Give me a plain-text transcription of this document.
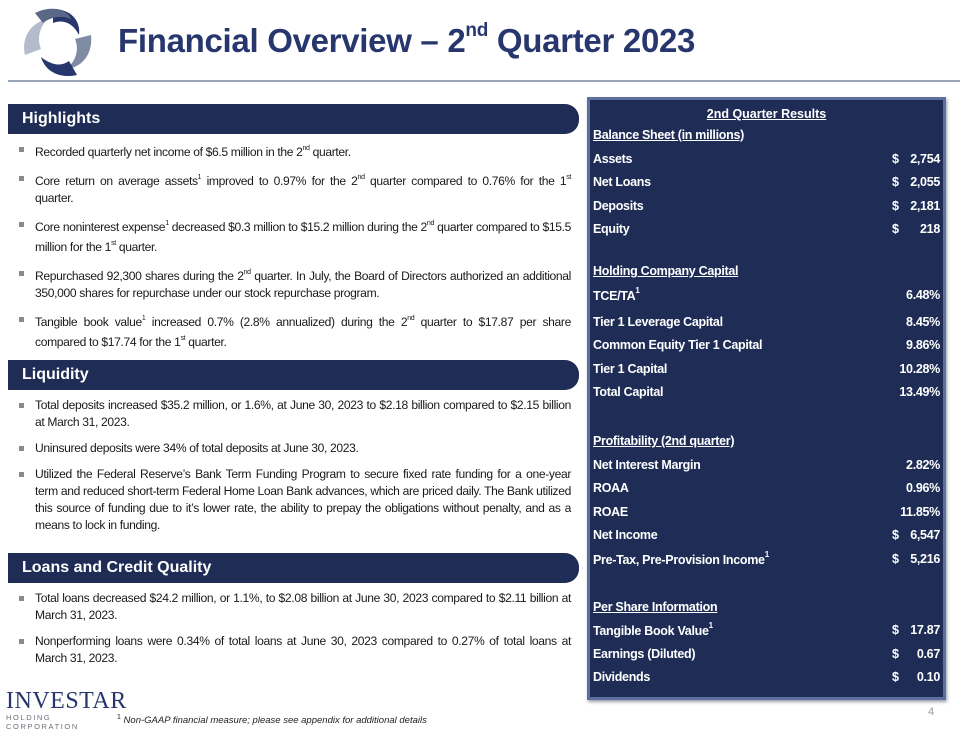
Financial Overview – 2nd Quarter 2023
Highlights
Recorded quarterly net income of $6.5 million in the 2nd quarter.
Core return on average assets$^1$ improved to 0.97% for the 2nd quarter compared to 0.76% for the 1st quarter.
Core noninterest expense$^1$ decreased $0.3 million to $15.2 million during the 2nd quarter compared to $15.5 million for the 1st quarter.
Repurchased 92,300 shares during the 2nd quarter. In July, the Board of Directors authorized an additional 350,000 shares for repurchase under our stock repurchase program.
Tangible book value$^1$ increased 0.7% (2.8% annualized) during the 2nd quarter to $17.87 per share compared to $17.74 for the 1st quarter.
Liquidity
Total deposits increased $35.2 million, or 1.6%, at June 30, 2023 to $2.18 billion compared to $2.15 billion at March 31, 2023.
Uninsured deposits were 34% of total deposits at June 30, 2023.
Utilized the Federal Reserve’s Bank Term Funding Program to secure fixed rate funding for a one-year term and reduced short-term Federal Home Loan Bank advances, which are priced daily. The Bank utilized this source of funding due to it’s lower rate, the ability to prepay the obligations without penalty, and as a means to lock in funding.
Loans and Credit Quality
Total loans decreased $24.2 million, or 1.1%, to $2.08 billion at June 30, 2023 compared to $2.11 billion at March 31, 2023.
Nonperforming loans were 0.34% of total loans at June 30, 2023 compared to 0.27% of total loans at March 31, 2023.
2nd Quarter Results
Balance Sheet (in millions)
Assets	$ 2,754
Net Loans	$ 2,055
Deposits	$ 2,181
Equity	$ 218
Holding Company Capital
TCE/$TA^1$	6.48%
Tier 1 Leverage Capital	8.45%
Common Equity Tier 1 Capital	9.86%
Tier 1 Capital	10.28%
Total Capital	13.49%
Profitability (2nd quarter)
Net Interest Margin	2.82%
ROAA	0.96%
ROAE	11.85%
Net Income	$ 6,547
Pre-Tax, Pre-Provision Income$^1$	$ 5,216
Per Share Information
Tangible Book Value$^1$	$ 17.87
Earnings (Diluted)	$ 0.67
Dividends	$ 0.10
INVESTAR
HOLDING CORPORATION
$^1$ Non-GAAP financial measure; please see appendix for additional details
4
